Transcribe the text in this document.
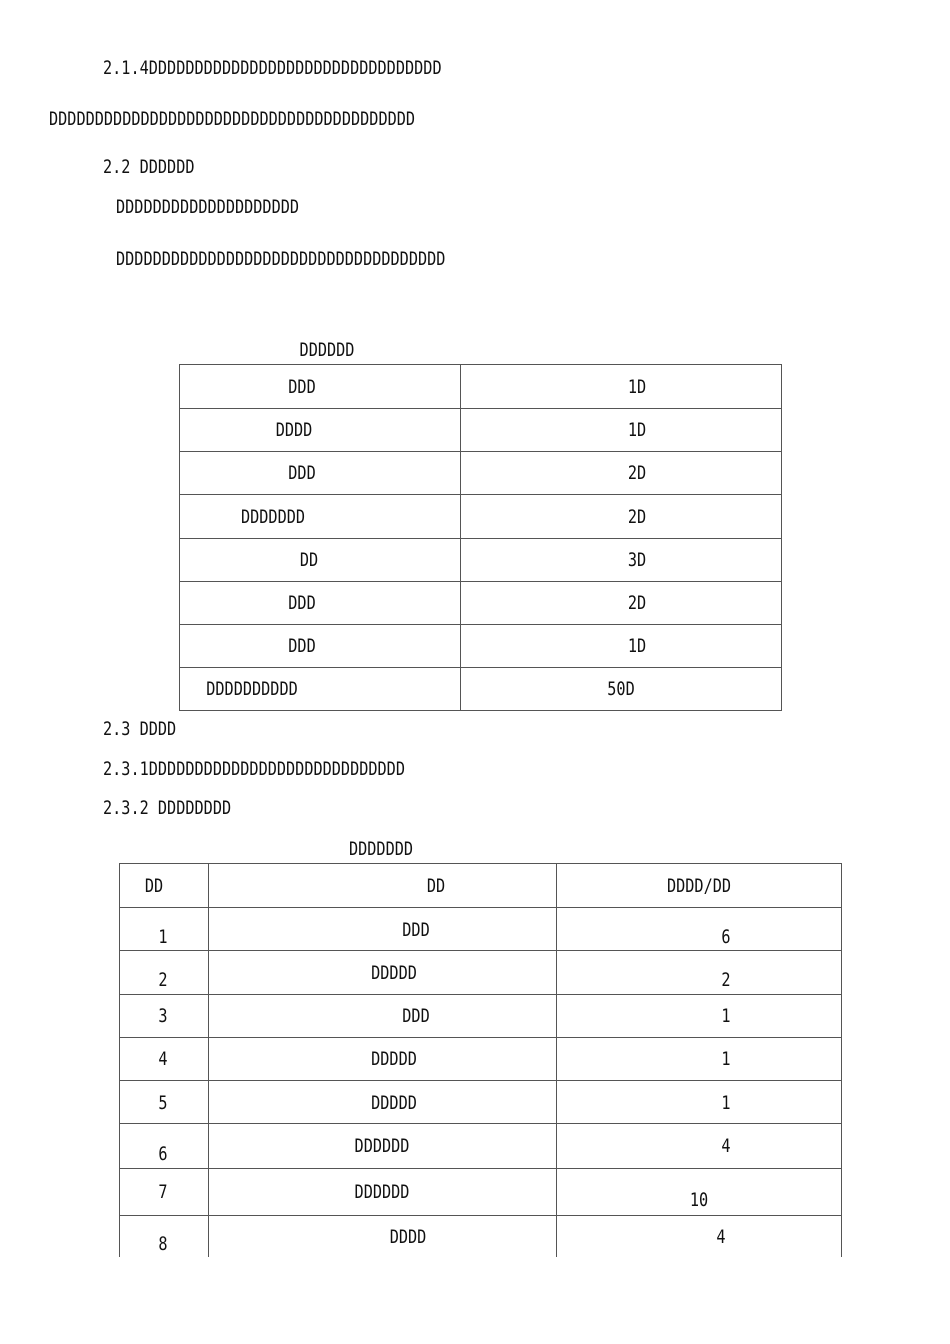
2.1.4DDDDDDDDDDDDDDDDDDDDDDDDDDDDDDDD
DDDDDDDDDDDDDDDDDDDDDDDDDDDDDDDDDDDDDDDD
2.2 DDDDDD
DDDDDDDDDDDDDDDDDDDD
DDDDDDDDDDDDDDDDDDDDDDDDDDDDDDDDDDDD
DDDDDD
DDD	1D
DDDD	1D
DDD	2D
DDDDDDD	2D
DD	3D
DDD	2D
DDD	1D
DDDDDDDDDD	50D
2.3 DDDD
2.3.1DDDDDDDDDDDDDDDDDDDDDDDDDDDD
2.3.2 DDDDDDDD
DDDDDDD
DD	DD	DDDD/DD
1	DDD	6
2	DDDDD	2
3	DDD	1
4	DDDDD	1
5	DDDDD	1
6	DDDDDD	4
7	DDDDDD	10
8	DDDD	4
